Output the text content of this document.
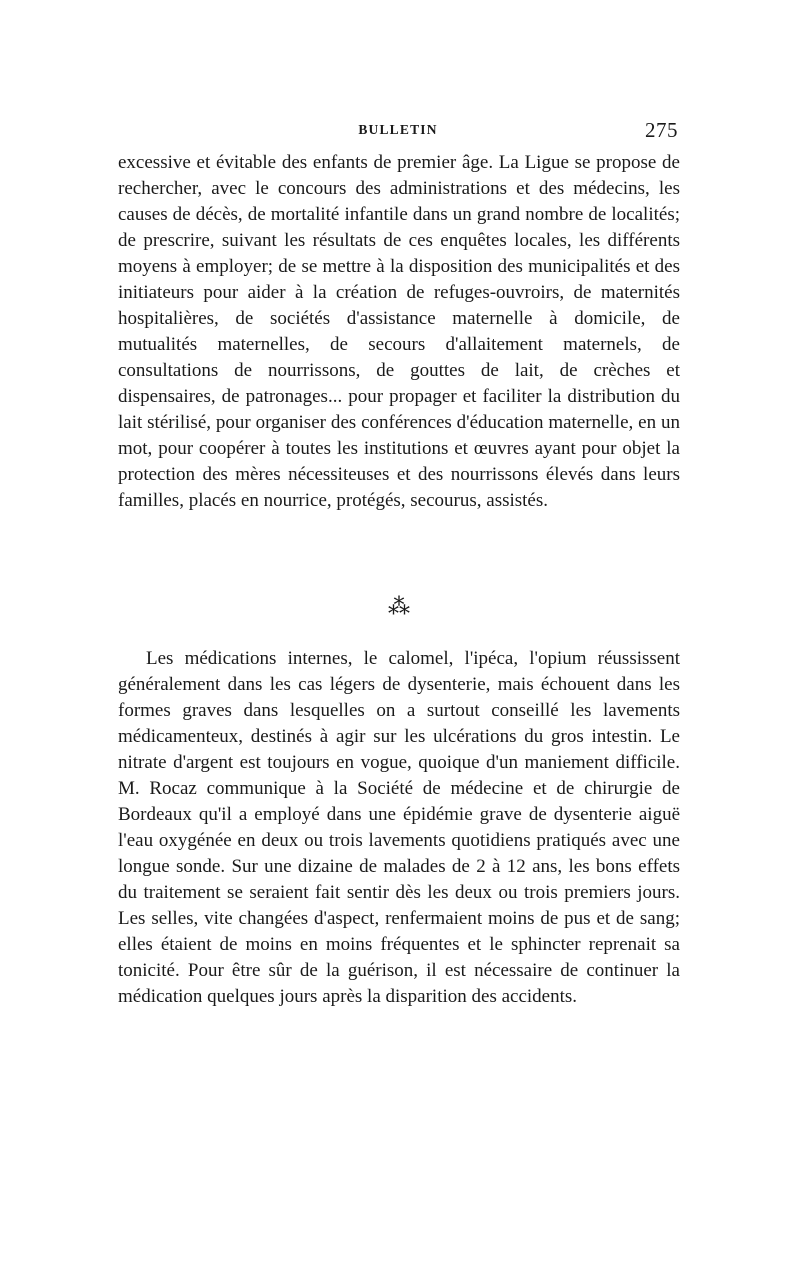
BULLETIN	275

excessive et évitable des enfants de premier âge. La Ligue se propose de rechercher, avec le concours des administrations et des médecins, les causes de décès, de mortalité infantile dans un grand nombre de localités; de prescrire, suivant les résultats de ces enquêtes locales, les différents moyens à employer; de se mettre à la disposition des municipalités et des initiateurs pour aider à la création de refuges-ouvroirs, de maternités hospitalières, de sociétés d'assistance maternelle à domicile, de mutualités maternelles, de secours d'allaitement maternels, de consultations de nourrissons, de gouttes de lait, de crèches et dispensaires, de patronages... pour propager et faciliter la distribution du lait stérilisé, pour organiser des conférences d'éducation maternelle, en un mot, pour coopérer à toutes les institutions et œuvres ayant pour objet la protection des mères nécessiteuses et des nourrissons élevés dans leurs familles, placés en nourrice, protégés, secourus, assistés.

⁂

Les médications internes, le calomel, l'ipéca, l'opium réussissent généralement dans les cas légers de dysenterie, mais échouent dans les formes graves dans lesquelles on a surtout conseillé les lavements médicamenteux, destinés à agir sur les ulcérations du gros intestin. Le nitrate d'argent est toujours en vogue, quoique d'un maniement difficile. M. Rocaz communique à la Société de médecine et de chirurgie de Bordeaux qu'il a employé dans une épidémie grave de dysenterie aiguë l'eau oxygénée en deux ou trois lavements quotidiens pratiqués avec une longue sonde. Sur une dizaine de malades de 2 à 12 ans, les bons effets du traitement se seraient fait sentir dès les deux ou trois premiers jours. Les selles, vite changées d'aspect, renfermaient moins de pus et de sang; elles étaient de moins en moins fréquentes et le sphincter reprenait sa tonicité. Pour être sûr de la guérison, il est nécessaire de continuer la médication quelques jours après la disparition des accidents.
